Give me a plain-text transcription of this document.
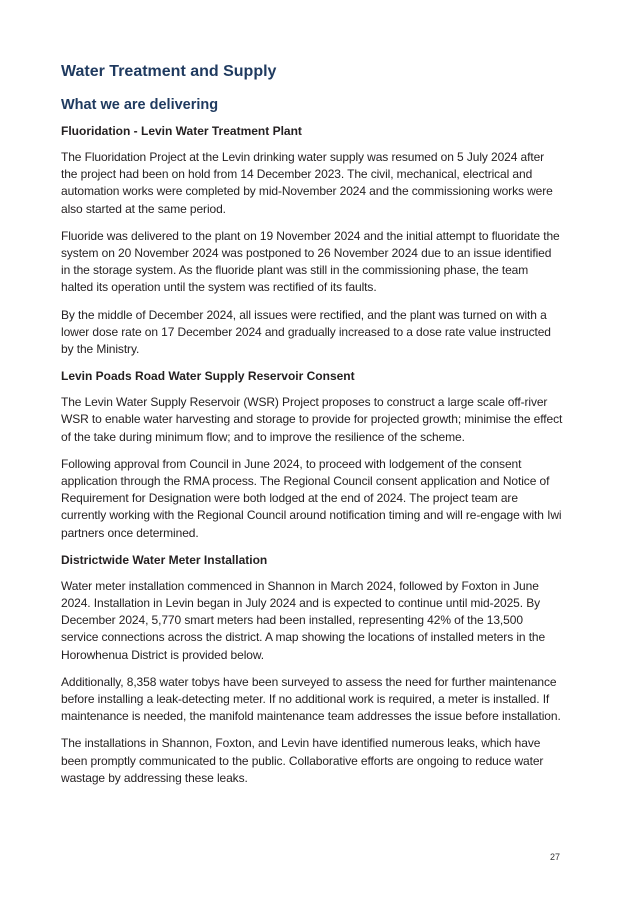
Water Treatment and Supply
What we are delivering
Fluoridation - Levin Water Treatment Plant

The Fluoridation Project at the Levin drinking water supply was resumed on 5 July 2024 after the project had been on hold from 14 December 2023. The civil, mechanical, electrical and automation works were completed by mid-November 2024 and the commissioning works were also started at the same period.

Fluoride was delivered to the plant on 19 November 2024 and the initial attempt to fluoridate the system on 20 November 2024 was postponed to 26 November 2024 due to an issue identified in the storage system. As the fluoride plant was still in the commissioning phase, the team halted its operation until the system was rectified of its faults.

By the middle of December 2024, all issues were rectified, and the plant was turned on with a lower dose rate on 17 December 2024 and gradually increased to a dose rate value instructed by the Ministry.

Levin Poads Road Water Supply Reservoir Consent

The Levin Water Supply Reservoir (WSR) Project proposes to construct a large scale off-river WSR to enable water harvesting and storage to provide for projected growth; minimise the effect of the take during minimum flow; and to improve the resilience of the scheme.

Following approval from Council in June 2024, to proceed with lodgement of the consent application through the RMA process. The Regional Council consent application and Notice of Requirement for Designation were both lodged at the end of 2024. The project team are currently working with the Regional Council around notification timing and will re-engage with Iwi partners once determined.

Districtwide Water Meter Installation

Water meter installation commenced in Shannon in March 2024, followed by Foxton in June 2024. Installation in Levin began in July 2024 and is expected to continue until mid-2025. By December 2024, 5,770 smart meters had been installed, representing 42% of the 13,500 service connections across the district. A map showing the locations of installed meters in the Horowhenua District is provided below.

Additionally, 8,358 water tobys have been surveyed to assess the need for further maintenance before installing a leak-detecting meter. If no additional work is required, a meter is installed. If maintenance is needed, the manifold maintenance team addresses the issue before installation.

The installations in Shannon, Foxton, and Levin have identified numerous leaks, which have been promptly communicated to the public. Collaborative efforts are ongoing to reduce water wastage by addressing these leaks.

27
